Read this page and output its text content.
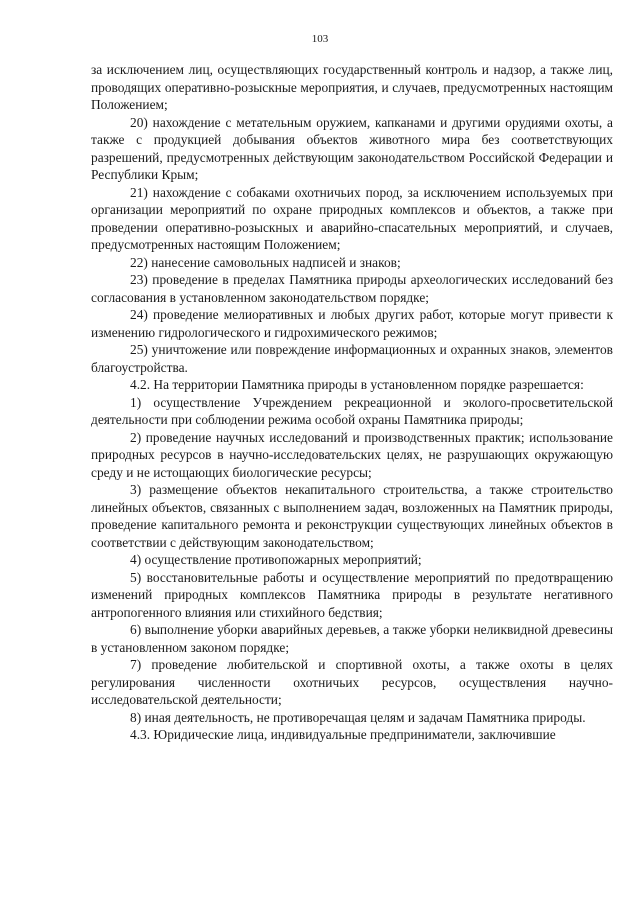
103

за исключением лиц, осуществляющих государственный контроль и надзор, а также лиц, проводящих оперативно-розыскные мероприятия, и случаев, предусмотренных настоящим Положением;

20) нахождение с метательным оружием, капканами и другими орудиями охоты, а также с продукцией добывания объектов животного мира без соответствующих разрешений, предусмотренных действующим законодательством Российской Федерации и Республики Крым;

21) нахождение с собаками охотничьих пород, за исключением используемых при организации мероприятий по охране природных комплексов и объектов, а также при проведении оперативно-розыскных и аварийно-спасательных мероприятий, и случаев, предусмотренных настоящим Положением;

22) нанесение самовольных надписей и знаков;

23) проведение в пределах Памятника природы археологических исследований без согласования в установленном законодательством порядке;

24) проведение мелиоративных и любых других работ, которые могут привести к изменению гидрологического и гидрохимического режимов;

25) уничтожение или повреждение информационных и охранных знаков, элементов благоустройства.

4.2. На территории Памятника природы в установленном порядке разрешается:

1) осуществление Учреждением рекреационной и эколого-просветительской деятельности при соблюдении режима особой охраны Памятника природы;

2) проведение научных исследований и производственных практик; использование природных ресурсов в научно-исследовательских целях, не разрушающих окружающую среду и не истощающих биологические ресурсы;

3) размещение объектов некапитального строительства, а также строительство линейных объектов, связанных с выполнением задач, возложенных на Памятник природы, проведение капитального ремонта и реконструкции существующих линейных объектов в соответствии с действующим законодательством;

4) осуществление противопожарных мероприятий;

5) восстановительные работы и осуществление мероприятий по предотвращению изменений природных комплексов Памятника природы в результате негативного антропогенного влияния или стихийного бедствия;

6) выполнение уборки аварийных деревьев, а также уборки неликвидной древесины в установленном законом порядке;

7) проведение любительской и спортивной охоты, а также охоты в целях регулирования численности охотничьих ресурсов, осуществления научно-исследовательской деятельности;

8) иная деятельность, не противоречащая целям и задачам Памятника природы.

4.3. Юридические лица, индивидуальные предприниматели, заключившие
